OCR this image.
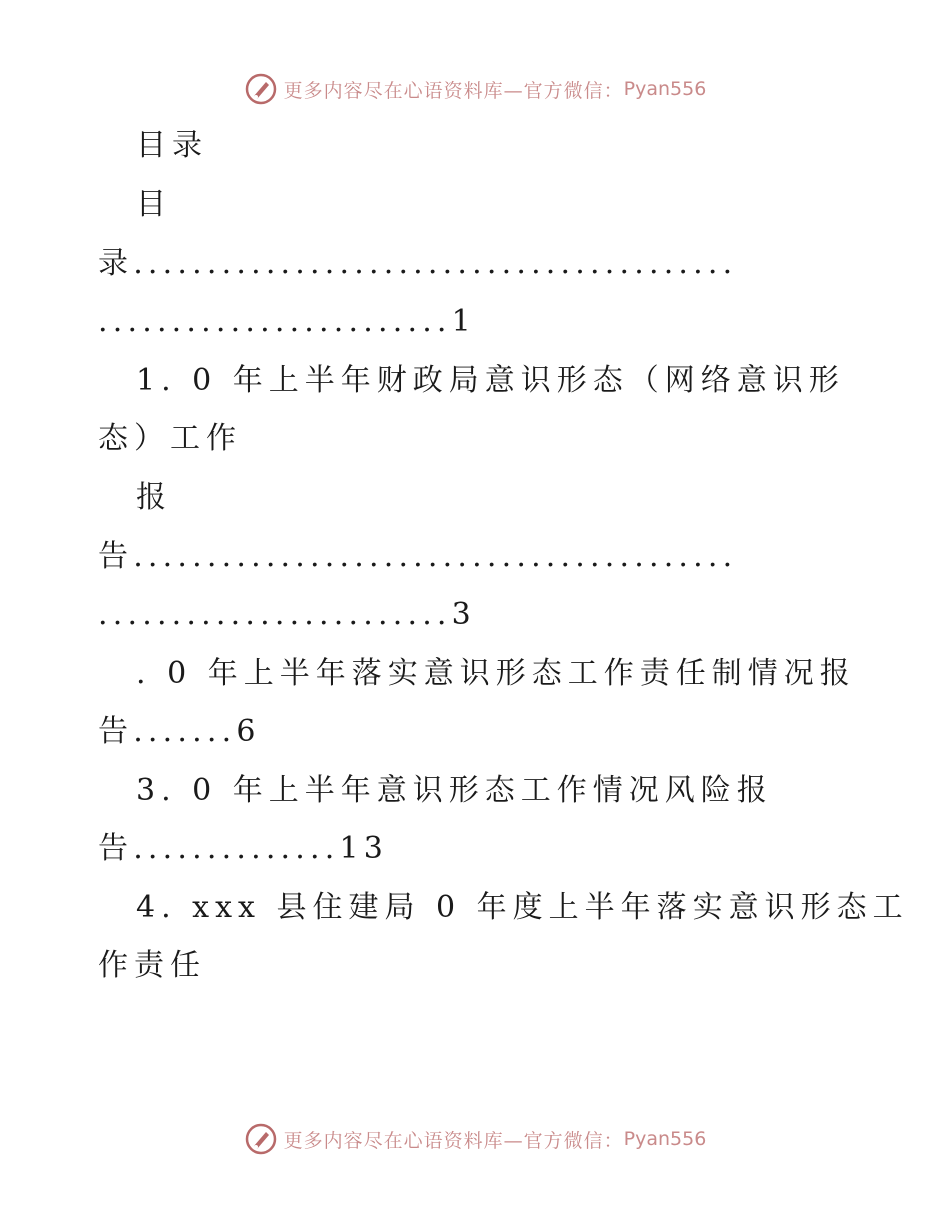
更多内容尽在心语资料库—官方微信： Pyan556
目录
目
录.........................................
........................1
1. 0 年上半年财政局意识形态（网络意识形
态）工作
报
告.........................................
........................3
. 0 年上半年落实意识形态工作责任制情况报
告.......6
3. 0 年上半年意识形态工作情况风险报
告..............13
4. xxx 县住建局 0 年度上半年落实意识形态工
作责任
更多内容尽在心语资料库—官方微信： Pyan556
